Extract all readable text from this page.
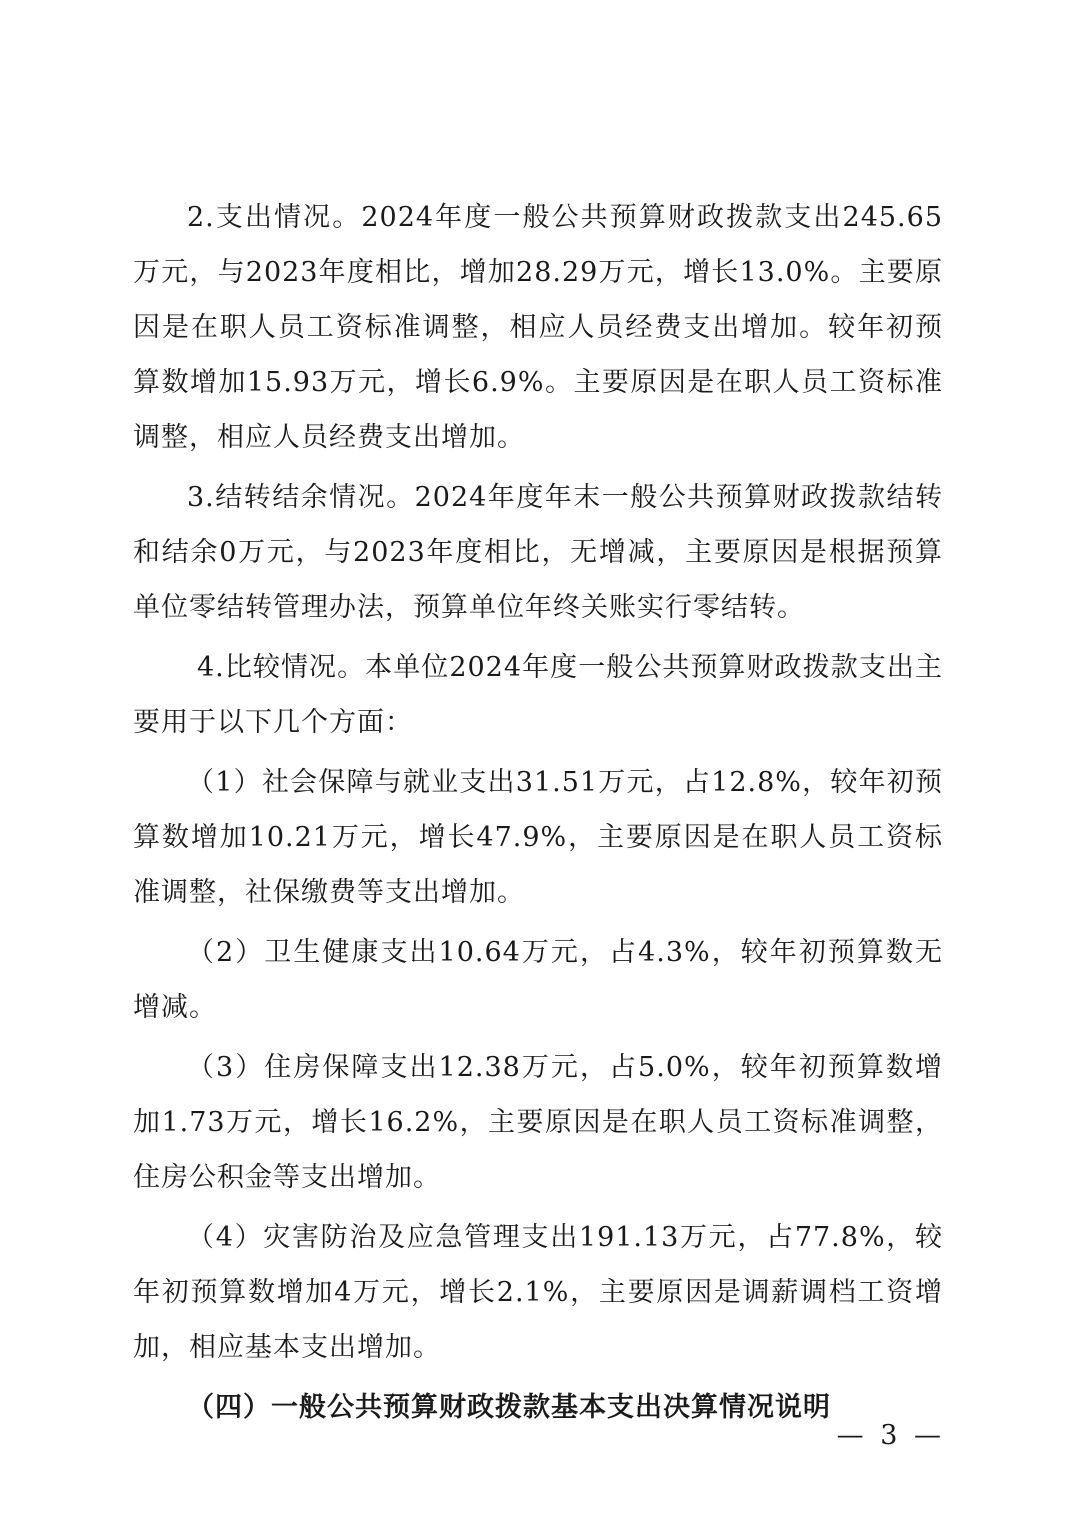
2.支出情况。2024年度一般公共预算财政拨款支出245.65万元，与2023年度相比，增加28.29万元，增长13.0%。主要原因是在职人员工资标准调整，相应人员经费支出增加。较年初预算数增加15.93万元，增长6.9%。主要原因是在职人员工资标准调整，相应人员经费支出增加。

3.结转结余情况。2024年度年末一般公共预算财政拨款结转和结余0万元，与2023年度相比，无增减，主要原因是根据预算单位零结转管理办法，预算单位年终关账实行零结转。

4.比较情况。本单位2024年度一般公共预算财政拨款支出主要用于以下几个方面：

（1）社会保障与就业支出31.51万元，占12.8%，较年初预算数增加10.21万元，增长47.9%，主要原因是在职人员工资标准调整，社保缴费等支出增加。

（2）卫生健康支出10.64万元，占4.3%，较年初预算数无增减。

（3）住房保障支出12.38万元，占5.0%，较年初预算数增加1.73万元，增长16.2%，主要原因是在职人员工资标准调整，住房公积金等支出增加。

（4）灾害防治及应急管理支出191.13万元，占77.8%，较年初预算数增加4万元，增长2.1%，主要原因是调薪调档工资增加，相应基本支出增加。

（四）一般公共预算财政拨款基本支出决算情况说明

— 3 —
